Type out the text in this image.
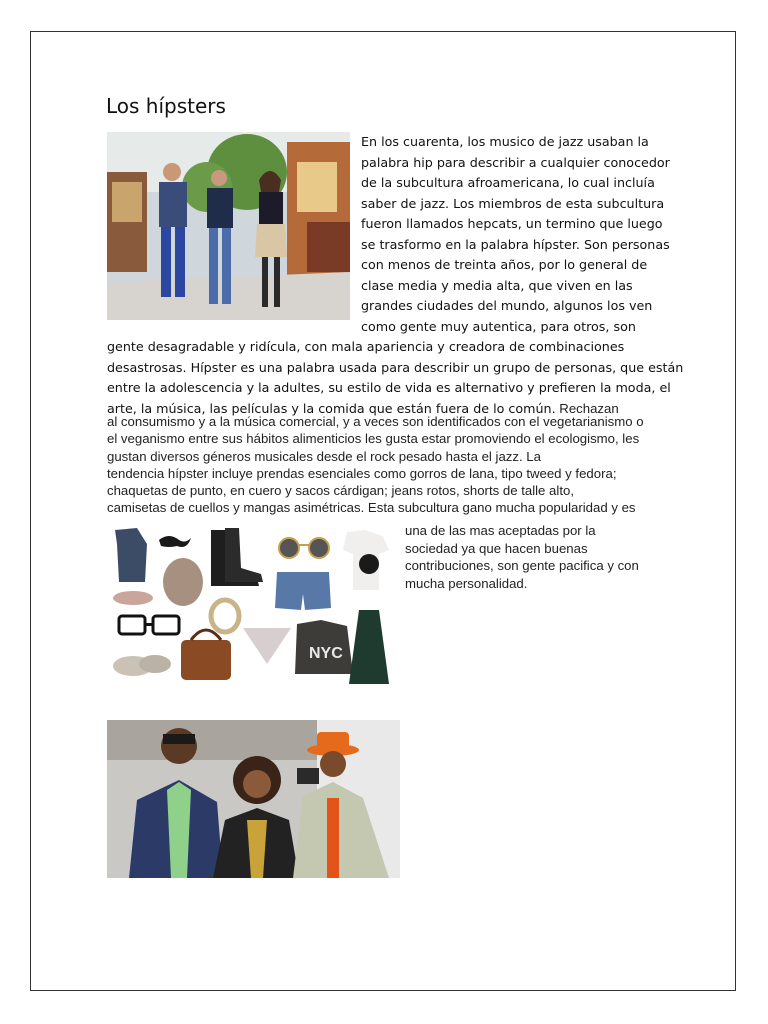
Los hípsters
En los cuarenta, los musico de jazz usaban la
palabra hip para describir a cualquier conocedor
de la subcultura afroamericana, lo cual incluía
saber de jazz. Los miembros de esta subcultura
fueron llamados hepcats, un termino que luego
se trasformo en la palabra hípster. Son personas
con menos de treinta años, por lo general de
clase media y media alta, que viven en las
grandes ciudades del mundo, algunos los ven
como gente muy autentica, para otros, son
gente desagradable y ridícula, con mala apariencia y creadora de combinaciones
desastrosas. Hípster es una palabra usada para describir un grupo de personas, que están
entre la adolescencia y la adultes, su estilo de vida es alternativo y prefieren la moda, el
arte, la música, las películas y la comida que están fuera de lo común. Rechazan
al consumismo y a la música comercial, y a veces son identificados con el vegetarianismo o
el veganismo entre sus hábitos alimenticios les gusta estar promoviendo el ecologismo, les
gustan diversos géneros musicales desde el rock pesado hasta el jazz. La
tendencia hípster incluye prendas esenciales como gorros de lana, tipo tweed y fedora;
chaquetas de punto, en cuero y sacos cárdigan; jeans rotos, shorts de talle alto,
camisetas de cuellos y mangas asimétricas. Esta subcultura gano mucha popularidad y es
NYC
una de las mas aceptadas por la
sociedad ya que hacen buenas
contribuciones, son gente pacifica y con
mucha personalidad.
